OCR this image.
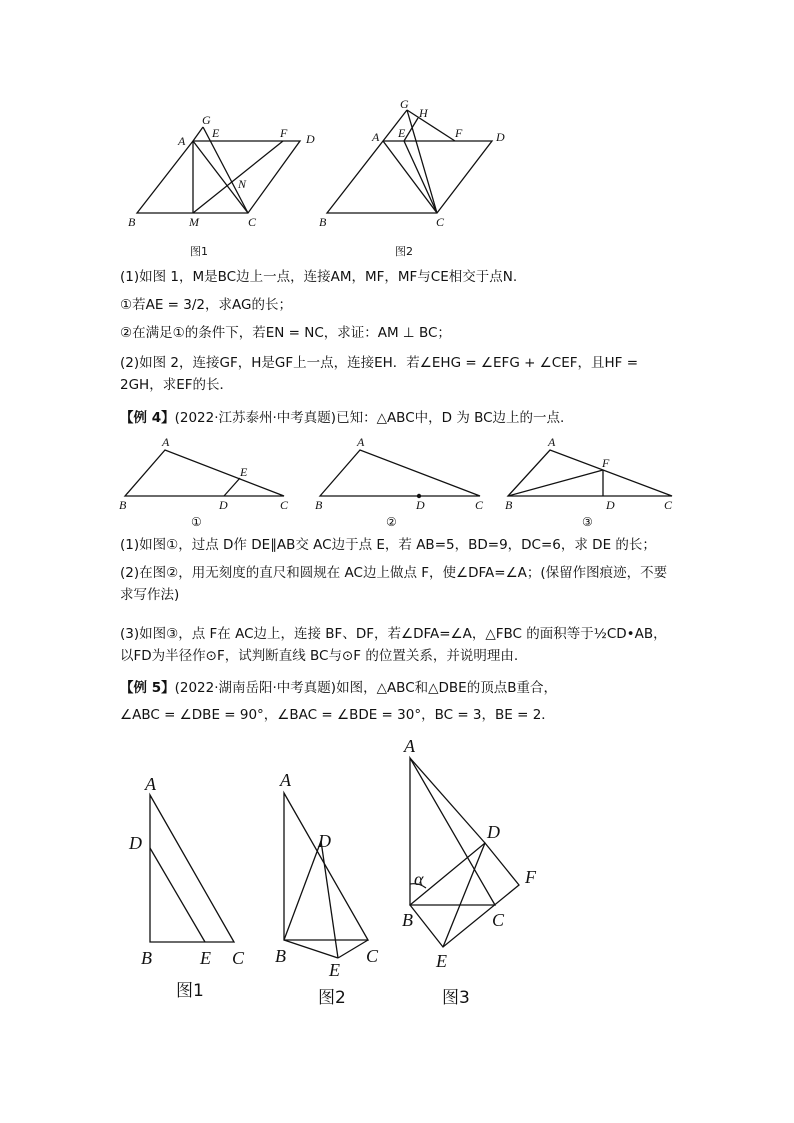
A
G
E	F D
N
B	M	C
图1
G
H
A E	F	D
B	C
图2
(1)如图 1，M是BC边上一点，连接AM，MF，MF与CE相交于点N.
①若AE = 3/2，求AG的长；
②在满足①的条件下，若EN = NC，求证：AM ⊥ BC；
(2)如图 2，连接GF，H是GF上一点，连接EH．若∠EHG = ∠EFG + ∠CEF，且HF = 2GH，求EF的长．
【例 4】(2022·江苏泰州·中考真题)已知：△ABC中，D 为 BC边上的一点.
A
E
B	D	C
①
A
B	D	C
②
A
F
B	D	C
③
(1)如图①，过点 D作 DE∥AB交 AC边于点 E，若 AB=5，BD=9，DC=6，求 DE 的长；
(2)在图②，用无刻度的直尺和圆规在 AC边上做点 F，使∠DFA=∠A；(保留作图痕迹，不要求写作法)
(3)如图③，点 F在 AC边上，连接 BF、DF，若∠DFA=∠A，△FBC 的面积等于½CD•AB，以FD为半径作⊙F，试判断直线 BC与⊙F 的位置关系，并说明理由.
【例 5】(2022·湖南岳阳·中考真题)如图，△ABC和△DBE的顶点B重合，
∠ABC = ∠DBE = 90°，∠BAC = ∠BDE = 30°，BC = 3，BE = 2．
A
D
B	E C
图1
A
D
B
E
C
图2
A
D
α	F
B	C
E
图3
